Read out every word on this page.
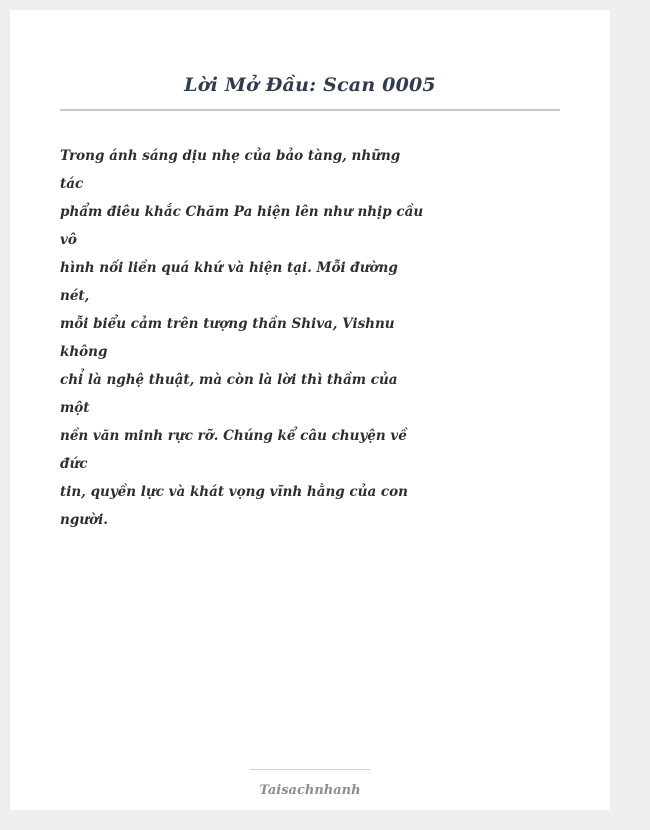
Lời Mở Đầu: Scan 0005
Trong ánh sáng dịu nhẹ của bảo tàng, những
tác
phẩm điêu khắc Chăm Pa hiện lên như nhịp cầu
vô
hình nối liền quá khứ và hiện tại. Mỗi đường
nét,
mỗi biểu cảm trên tượng thần Shiva, Vishnu
không
chỉ là nghệ thuật, mà còn là lời thì thầm của
một
nền văn minh rực rỡ. Chúng kể câu chuyện về
đức
tin, quyền lực và khát vọng vĩnh hằng của con
người.
Taisachnhanh
